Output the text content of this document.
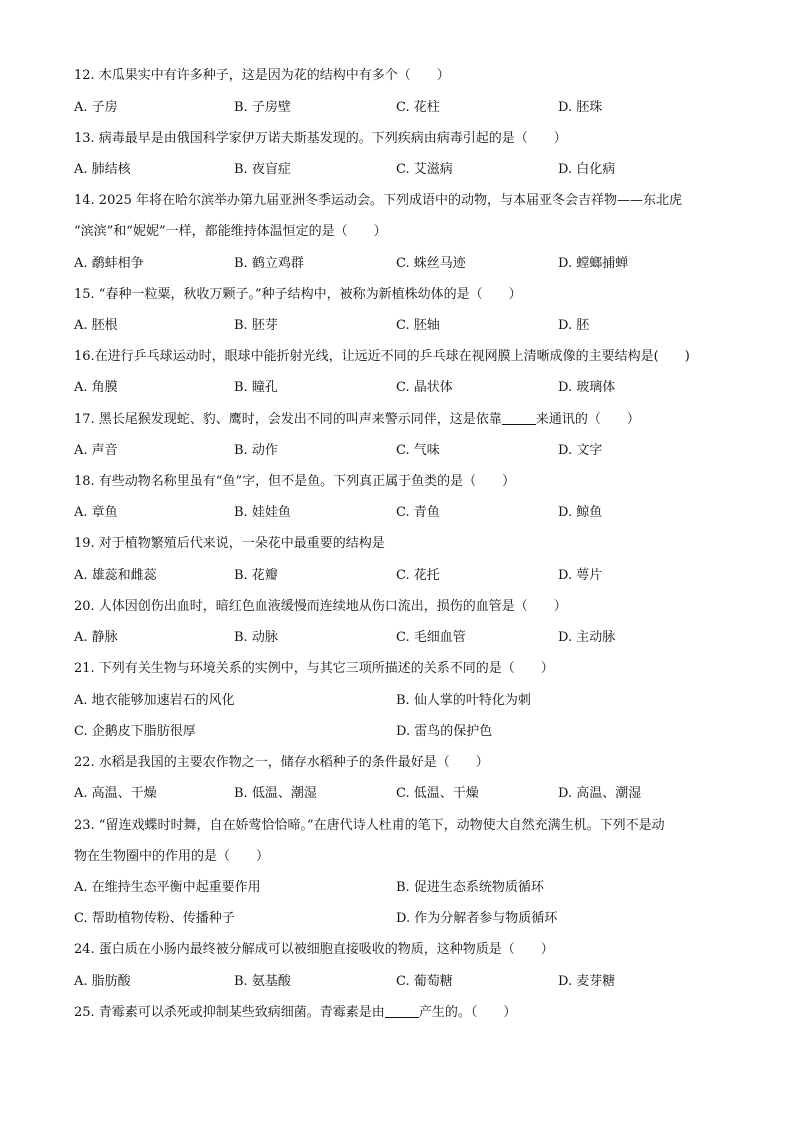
12. 木瓜果实中有许多种子，这是因为花的结构中有多个（　　）
A. 子房	B. 子房壁	C. 花柱	D. 胚珠
13. 病毒最早是由俄国科学家伊万诺夫斯基发现的。下列疾病由病毒引起的是（　　）
A. 肺结核	B. 夜盲症	C. 艾滋病	D. 白化病
14. 2025 年将在哈尔滨举办第九届亚洲冬季运动会。下列成语中的动物，与本届亚冬会吉祥物——东北虎
“滨滨”和“妮妮”一样，都能维持体温恒定的是（　　）
A. 鹬蚌相争	B. 鹤立鸡群	C. 蛛丝马迹	D. 螳螂捕蝉
15. “春种一粒粟，秋收万颗子。”种子结构中，被称为新植株幼体的是（　　）
A. 胚根	B. 胚芽	C. 胚轴	D. 胚
16.在进行乒乓球运动时，眼球中能折射光线，让远近不同的乒乓球在视网膜上清晰成像的主要结构是(　　)
A. 角膜	B. 瞳孔	C. 晶状体	D. 玻璃体
17. 黑长尾猴发现蛇、豹、鹰时，会发出不同的叫声来警示同伴，这是依靠	来通讯的（　　）
A. 声音	B. 动作	C. 气味	D. 文字
18. 有些动物名称里虽有“鱼”字，但不是鱼。下列真正属于鱼类的是（　　）
A. 章鱼	B. 娃娃鱼	C. 青鱼	D. 鲸鱼
19. 对于植物繁殖后代来说，一朵花中最重要的结构是
A. 雄蕊和雌蕊	B. 花瓣	C. 花托	D. 萼片
20. 人体因创伤出血时，暗红色血液缓慢而连续地从伤口流出，损伤的血管是（　　）
A. 静脉	B. 动脉	C. 毛细血管	D. 主动脉
21. 下列有关生物与环境关系的实例中，与其它三项所描述的关系不同的是（　　）
A. 地衣能够加速岩石的风化	B. 仙人掌的叶特化为刺
C. 企鹅皮下脂肪很厚	D. 雷鸟的保护色
22. 水稻是我国的主要农作物之一，储存水稻种子的条件最好是（　　）
A. 高温、干燥	B. 低温、潮湿	C. 低温、干燥	D. 高温、潮湿
23. “留连戏蝶时时舞，自在娇莺恰恰啼。”在唐代诗人杜甫的笔下，动物使大自然充满生机。下列不是动
物在生物圈中的作用的是（　　）
A. 在维持生态平衡中起重要作用	B. 促进生态系统物质循环
C. 帮助植物传粉、传播种子	D. 作为分解者参与物质循环
24. 蛋白质在小肠内最终被分解成可以被细胞直接吸收的物质，这种物质是（　　）
A. 脂肪酸	B. 氨基酸	C. 葡萄糖	D. 麦芽糖
25. 青霉素可以杀死或抑制某些致病细菌。青霉素是由	产生的。（　　）
